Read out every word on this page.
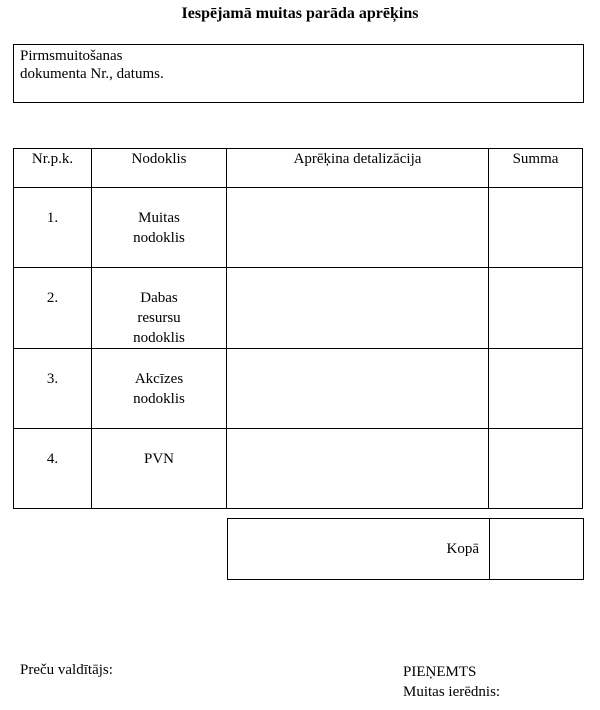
Iespējamā muitas parāda aprēķins
Pirmsmuitošanas
dokumenta Nr., datums.
Nr.p.k.	Nodoklis	Aprēķina detalizācija	Summa
1.	Muitas
nodoklis		

2.	Dabas
resursu
nodoklis		

3.	Akcīzes
nodoklis		

4.	PVN		

Kopā
Preču valdītājs:	PIEŅEMTS
Muitas ierēdnis:
